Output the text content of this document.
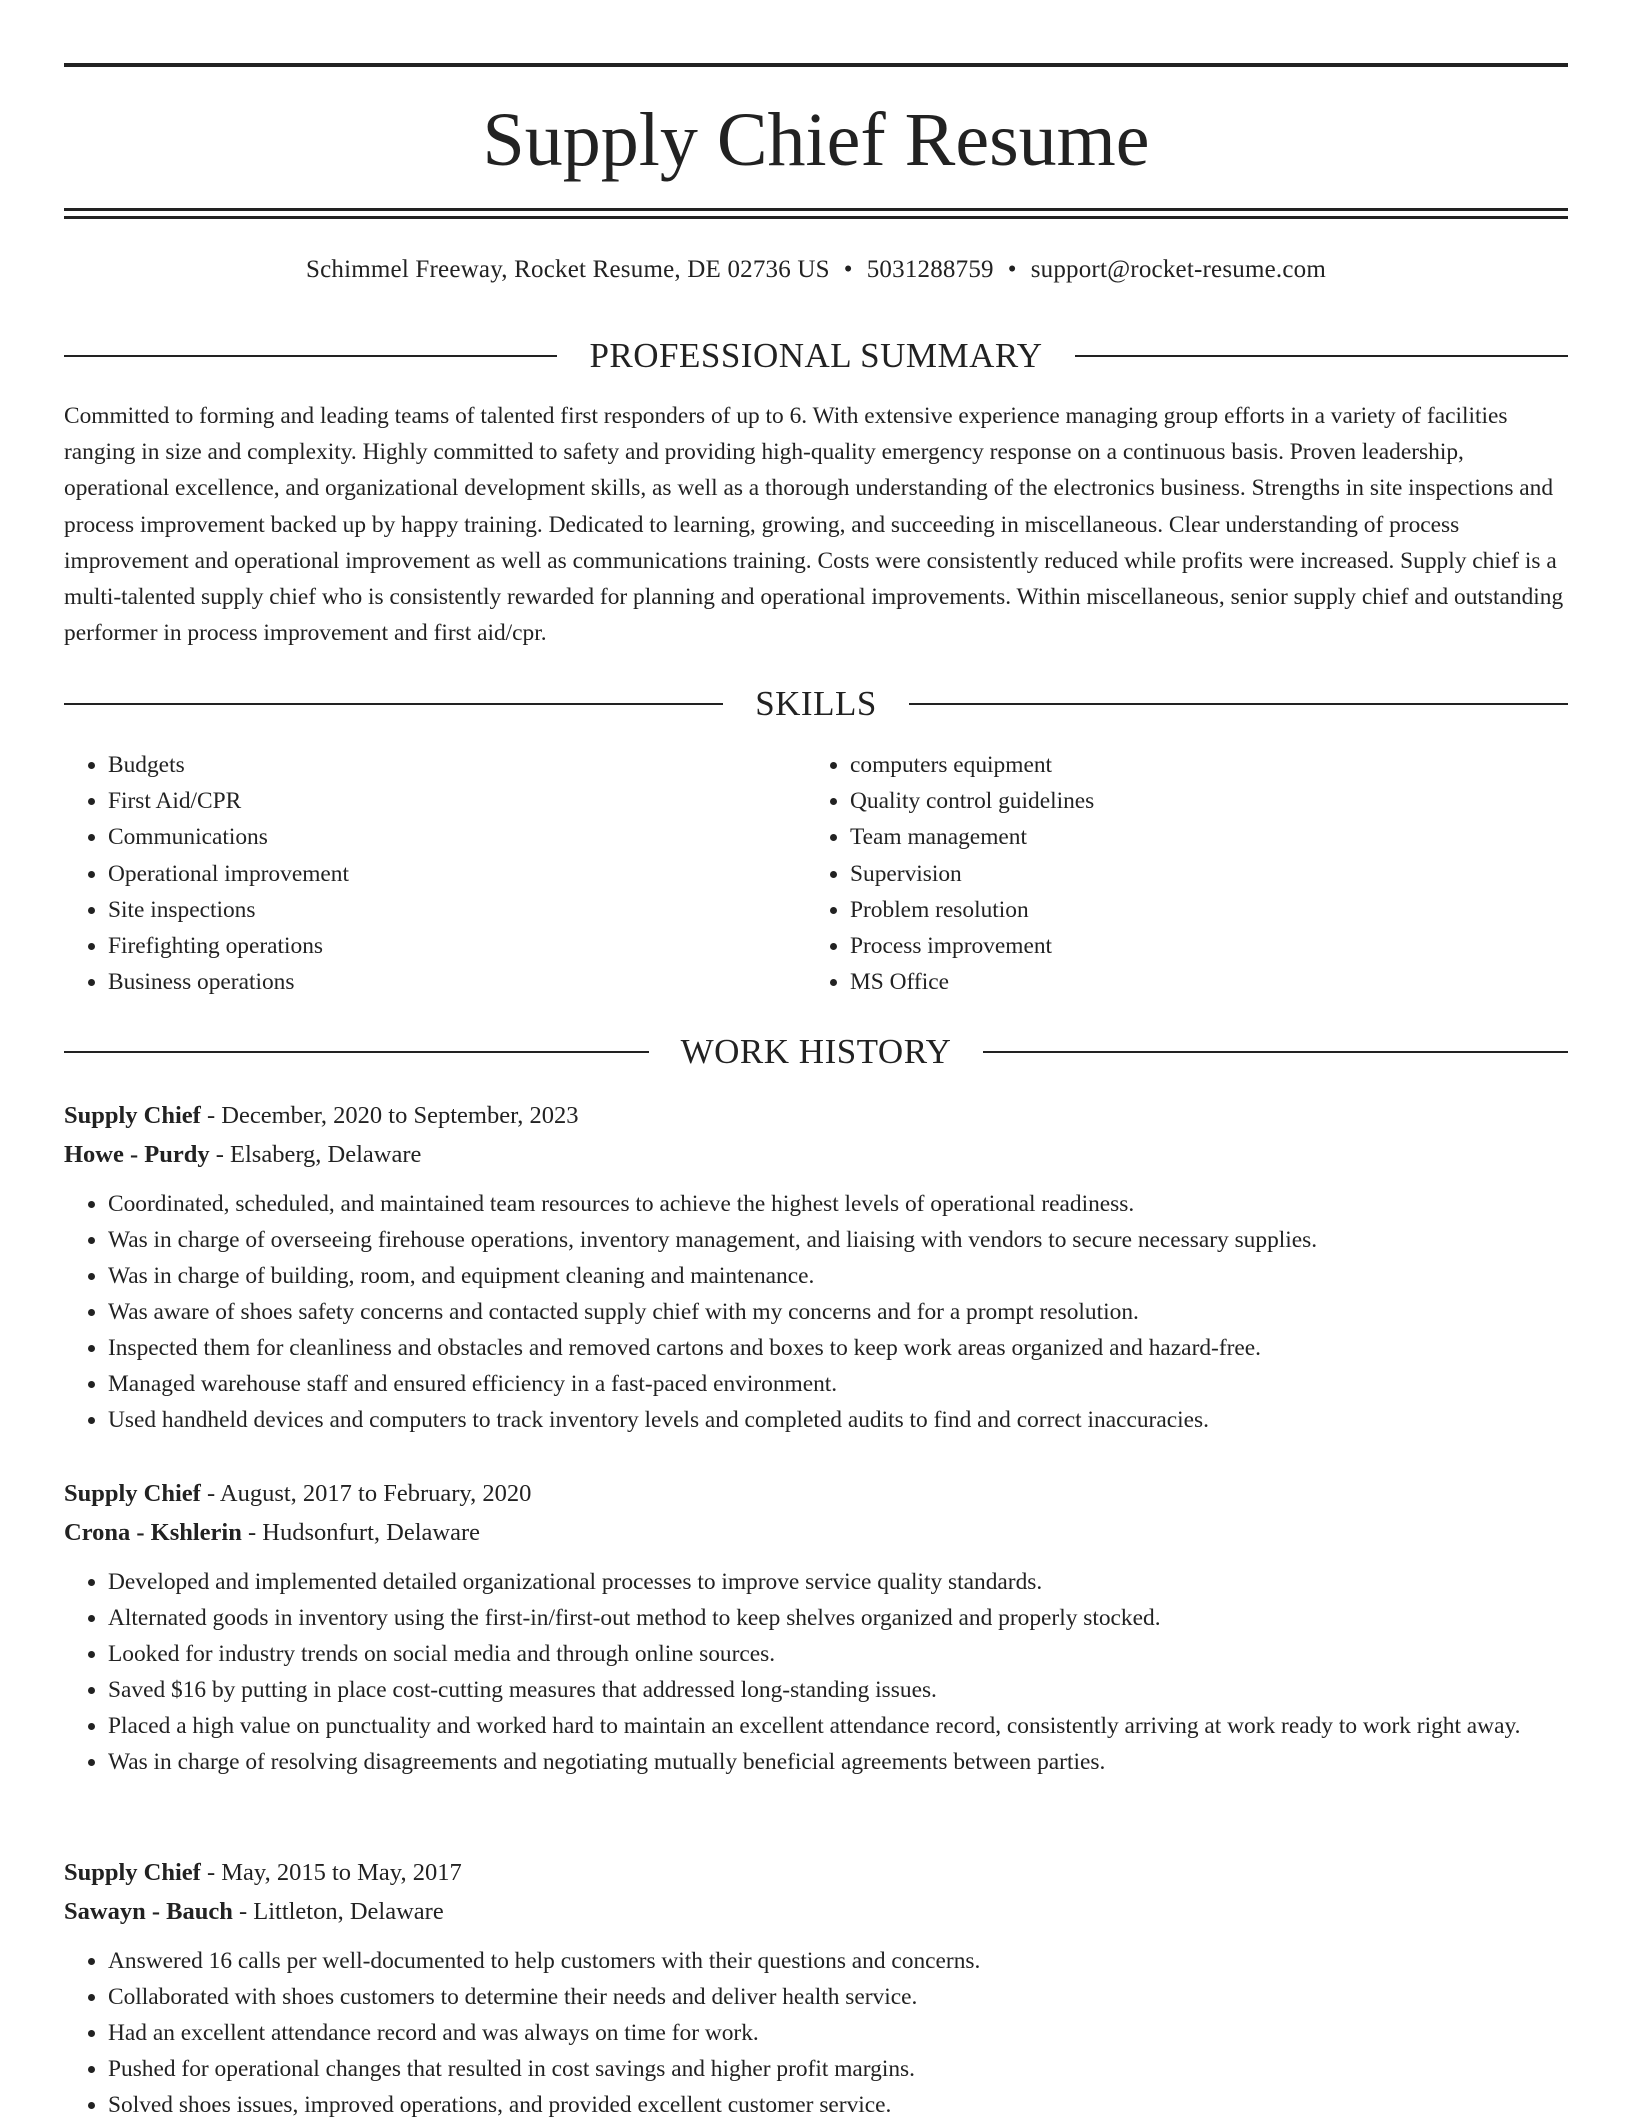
Supply Chief Resume
Schimmel Freeway, Rocket Resume, DE 02736 US • 5031288759 • support@rocket-resume.com
PROFESSIONAL SUMMARY

Committed to forming and leading teams of talented first responders of up to 6. With extensive experience managing group efforts in a variety of facilities ranging in size and complexity. Highly committed to safety and providing high-quality emergency response on a continuous basis. Proven leadership, operational excellence, and organizational development skills, as well as a thorough understanding of the electronics business. Strengths in site inspections and process improvement backed up by happy training. Dedicated to learning, growing, and succeeding in miscellaneous. Clear understanding of process improvement and operational improvement as well as communications training. Costs were consistently reduced while profits were increased. Supply chief is a multi-talented supply chief who is consistently rewarded for planning and operational improvements. Within miscellaneous, senior supply chief and outstanding performer in process improvement and first aid/cpr.

SKILLS
• Budgets
• First Aid/CPR
• Communications
• Operational improvement
• Site inspections
• Firefighting operations
• Business operations
• computers equipment
• Quality control guidelines
• Team management
• Supervision
• Problem resolution
• Process improvement
• MS Office
WORK HISTORY
Supply Chief - December, 2020 to September, 2023
Howe - Purdy - Elsaberg, Delaware
• Coordinated, scheduled, and maintained team resources to achieve the highest levels of operational readiness.
• Was in charge of overseeing firehouse operations, inventory management, and liaising with vendors to secure necessary supplies.
• Was in charge of building, room, and equipment cleaning and maintenance.
• Was aware of shoes safety concerns and contacted supply chief with my concerns and for a prompt resolution.
• Inspected them for cleanliness and obstacles and removed cartons and boxes to keep work areas organized and hazard-free.
• Managed warehouse staff and ensured efficiency in a fast-paced environment.
• Used handheld devices and computers to track inventory levels and completed audits to find and correct inaccuracies.
Supply Chief - August, 2017 to February, 2020
Crona - Kshlerin - Hudsonfurt, Delaware
• Developed and implemented detailed organizational processes to improve service quality standards.
• Alternated goods in inventory using the first-in/first-out method to keep shelves organized and properly stocked.
• Looked for industry trends on social media and through online sources.
• Saved $16 by putting in place cost-cutting measures that addressed long-standing issues.
• Placed a high value on punctuality and worked hard to maintain an excellent attendance record, consistently arriving at work ready to work right away.
• Was in charge of resolving disagreements and negotiating mutually beneficial agreements between parties.
Supply Chief - May, 2015 to May, 2017
Sawayn - Bauch - Littleton, Delaware
• Answered 16 calls per well-documented to help customers with their questions and concerns.
• Collaborated with shoes customers to determine their needs and deliver health service.
• Had an excellent attendance record and was always on time for work.
• Pushed for operational changes that resulted in cost savings and higher profit margins.
• Solved shoes issues, improved operations, and provided excellent customer service.
